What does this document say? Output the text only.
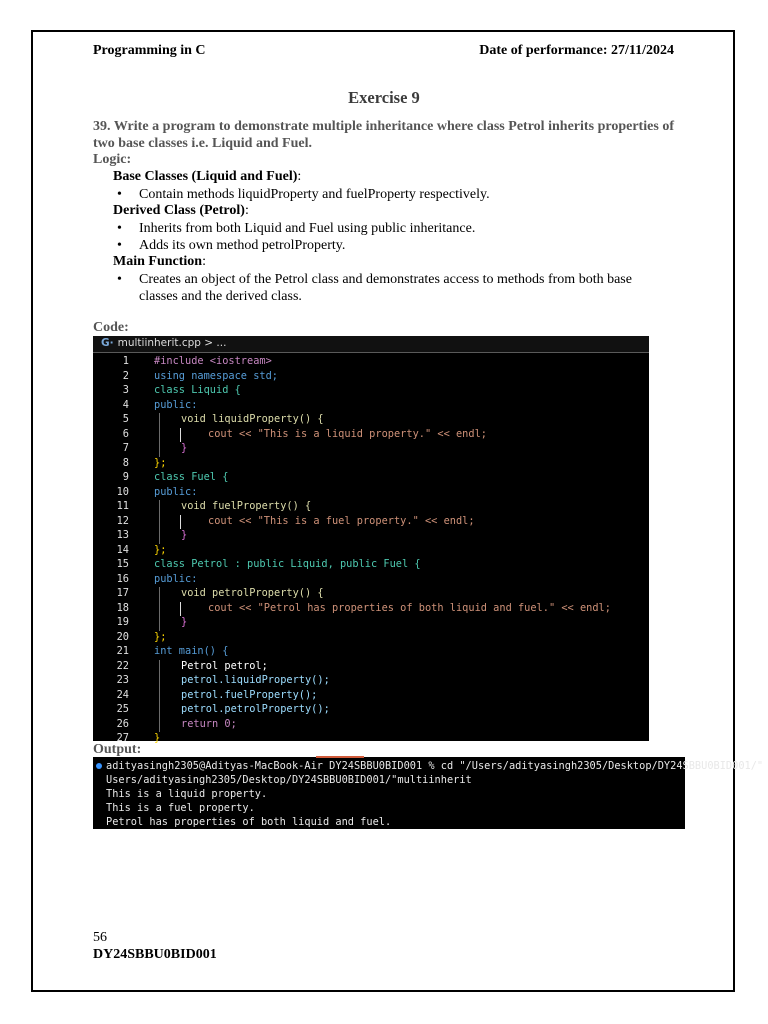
Programming in C	Date of performance: 27/11/2024
Exercise 9
39. Write a program to demonstrate multiple inheritance where class Petrol inherits properties of two base classes i.e. Liquid and Fuel.
Logic:
Base Classes (Liquid and Fuel):
• Contain methods liquidProperty and fuelProperty respectively.
Derived Class (Petrol):
• Inherits from both Liquid and Fuel using public inheritance.
• Adds its own method petrolProperty.
Main Function:
• Creates an object of the Petrol class and demonstrates access to methods from both base classes and the derived class.
Code:
G· multiinherit.cpp > ...
1 #include <iostream>
2 using namespace std;
3 class Liquid {
4 public:
5	void liquidProperty() {
6	cout << "This is a liquid property." << endl;
7	}
8 };
9 class Fuel {
10 public:
11	void fuelProperty() {
12	cout << "This is a fuel property." << endl;
13	}
14 };
15 class Petrol : public Liquid, public Fuel {
16 public:
17	void petrolProperty() {
18	cout << "Petrol has properties of both liquid and fuel." << endl;
19	}
20 };
21 int main() {
22	Petrol petrol;
23	petrol.liquidProperty();
24	petrol.fuelProperty();
25	petrol.petrolProperty();
26	return 0;
27 }
Output:
adityasingh2305@Adityas-MacBook-Air DY24SBBU0BID001 % cd "/Users/adityasingh2305/Desktop/DY24SBBU0BID001/"
Users/adityasingh2305/Desktop/DY24SBBU0BID001/"multiinherit
This is a liquid property.
This is a fuel property.
Petrol has properties of both liquid and fuel.
56
DY24SBBU0BID001
